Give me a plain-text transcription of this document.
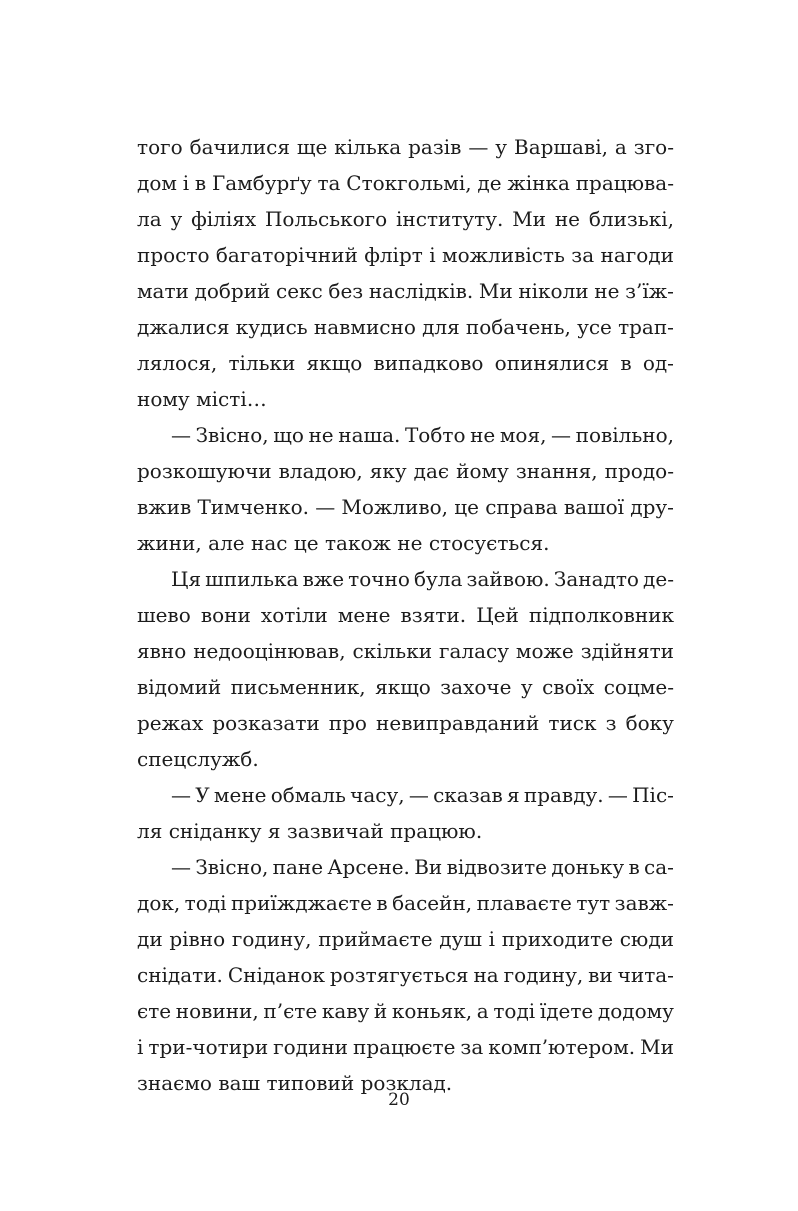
того бачилися ще кілька разів — у Варшаві, а зго-
дом і в Гамбурґу та Стокгольмі, де жінка працюва-
ла у філіях Польського інституту. Ми не близькі,
просто багаторічний флірт і можливість за нагоди
мати добрий секс без наслідків. Ми ніколи не з’їж-
джалися кудись навмисно для побачень, усе трап-
лялося, тільки якщо випадково опинялися в од-
ному місті…
— Звісно, що не наша. Тобто не моя, — повільно,
розкошуючи владою, яку дає йому знання, продо-
вжив Тимченко. — Можливо, це справа вашої дру-
жини, але нас це також не стосується.
Ця шпилька вже точно була зайвою. Занадто де-
шево вони хотіли мене взяти. Цей підполковник
явно недооцінював, скільки галасу може здійняти
відомий письменник, якщо захоче у своїх соцме-
режах розказати про невиправданий тиск з боку
спецслужб.
— У мене обмаль часу, — сказав я правду. — Піс-
ля сніданку я зазвичай працюю.
— Звісно, пане Арсене. Ви відвозите доньку в са-
док, тоді приїжджаєте в басейн, плаваєте тут завж-
ди рівно годину, приймаєте душ і приходите сюди
снідати. Сніданок розтягується на годину, ви чита-
єте новини, п’єте каву й коньяк, а тоді їдете додому
і три-чотири години працюєте за комп’ютером. Ми
знаємо ваш типовий розклад.
20
